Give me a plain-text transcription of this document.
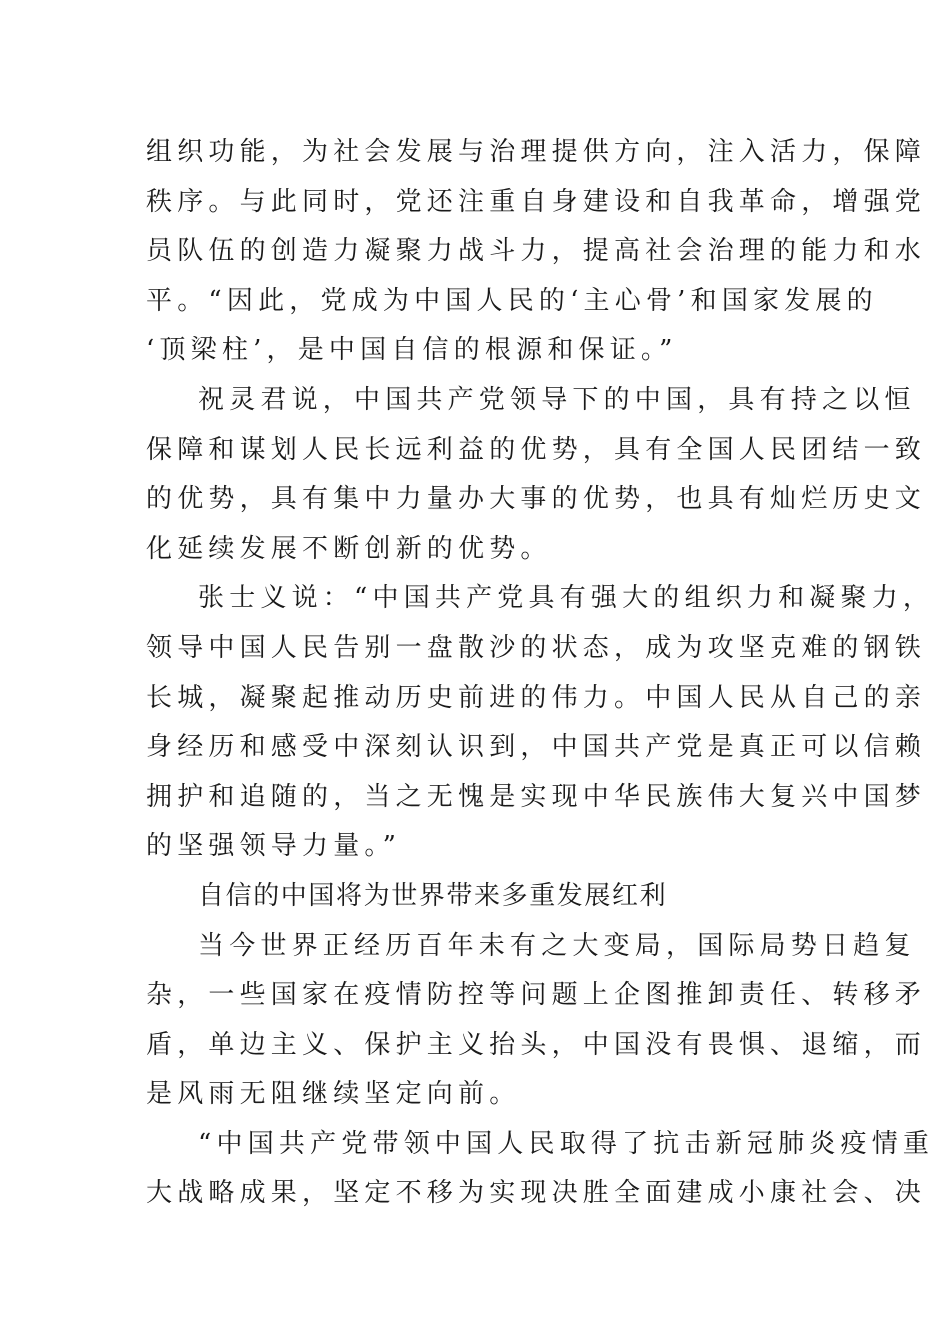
组织功能，为社会发展与治理提供方向，注入活力，保障
秩序。与此同时，党还注重自身建设和自我革命，增强党
员队伍的创造力凝聚力战斗力，提高社会治理的能力和水
平。“因此，党成为中国人民的‘主心骨’和国家发展的
‘顶梁柱’，是中国自信的根源和保证。”
祝灵君说，中国共产党领导下的中国，具有持之以恒
保障和谋划人民长远利益的优势，具有全国人民团结一致
的优势，具有集中力量办大事的优势，也具有灿烂历史文
化延续发展不断创新的优势。
张士义说：“中国共产党具有强大的组织力和凝聚力，
领导中国人民告别一盘散沙的状态，成为攻坚克难的钢铁
长城，凝聚起推动历史前进的伟力。中国人民从自己的亲
身经历和感受中深刻认识到，中国共产党是真正可以信赖
拥护和追随的，当之无愧是实现中华民族伟大复兴中国梦
的坚强领导力量。”
自信的中国将为世界带来多重发展红利
当今世界正经历百年未有之大变局，国际局势日趋复
杂，一些国家在疫情防控等问题上企图推卸责任、转移矛
盾，单边主义、保护主义抬头，中国没有畏惧、退缩，而
是风雨无阻继续坚定向前。
“中国共产党带领中国人民取得了抗击新冠肺炎疫情重
大战略成果，坚定不移为实现决胜全面建成小康社会、决
